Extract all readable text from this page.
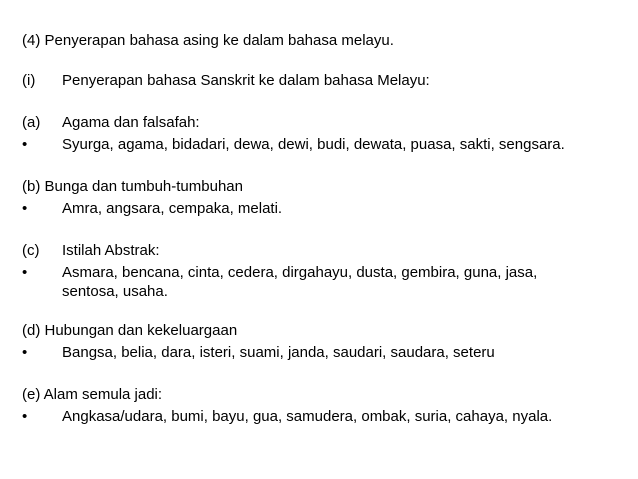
(4) Penyerapan bahasa asing ke dalam bahasa melayu.
(i) Penyerapan bahasa Sanskrit ke dalam bahasa Melayu:
(a) Agama dan falsafah:
• Syurga, agama, bidadari, dewa, dewi, budi, dewata, puasa, sakti, sengsara.
(b) Bunga dan tumbuh-tumbuhan
• Amra, angsara, cempaka, melati.
(c) Istilah Abstrak:
• Asmara, bencana, cinta, cedera, dirgahayu, dusta, gembira, guna, jasa,
sentosa, usaha.
(d) Hubungan dan kekeluargaan
• Bangsa, belia, dara, isteri, suami, janda, saudari, saudara, seteru
(e) Alam semula jadi:
• Angkasa/udara, bumi, bayu, gua, samudera, ombak, suria, cahaya, nyala.
